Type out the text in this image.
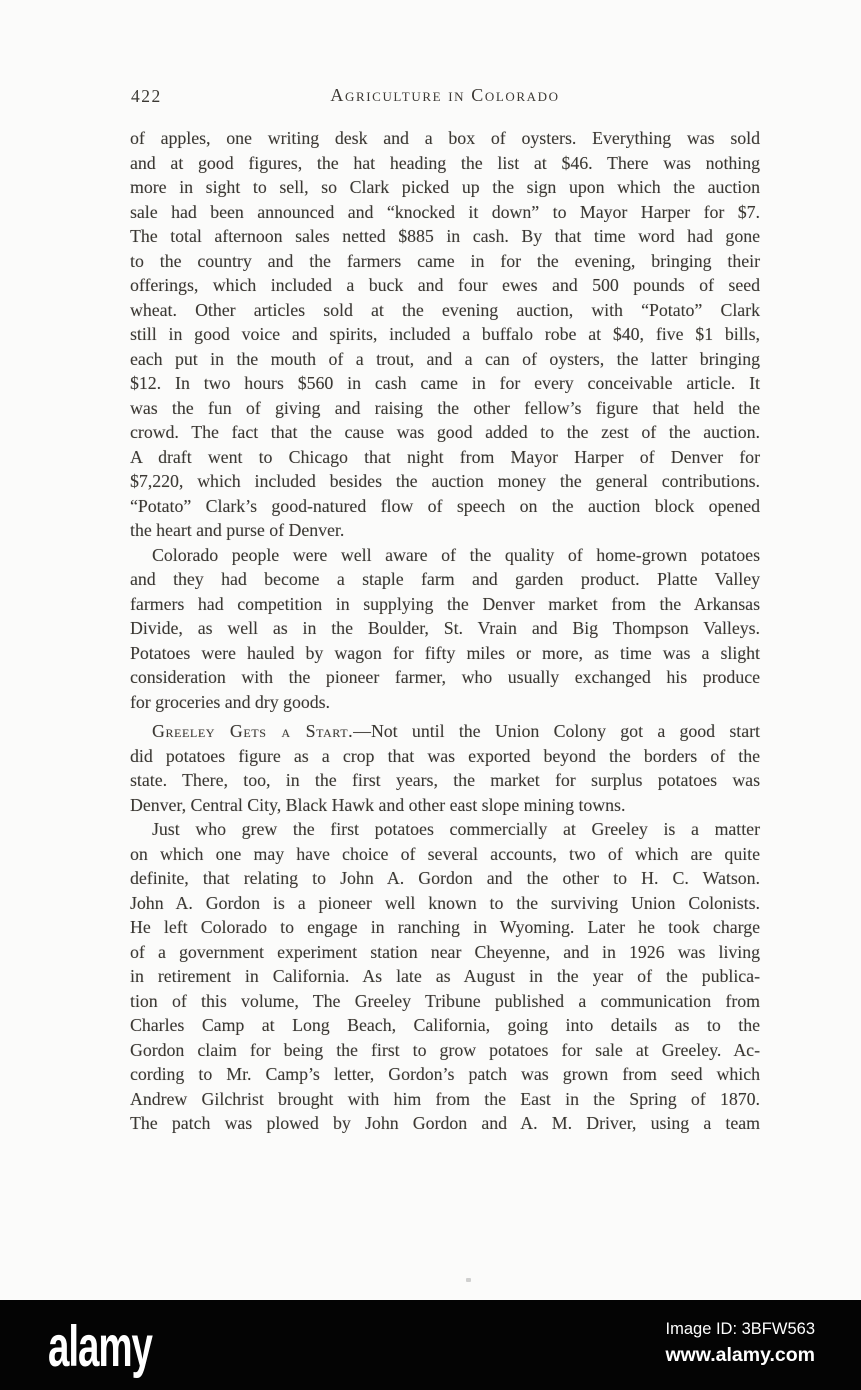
422	Agriculture in Colorado
of apples, one writing desk and a box of oysters. Everything was sold
and at good figures, the hat heading the list at $46. There was nothing
more in sight to sell, so Clark picked up the sign upon which the auction
sale had been announced and “knocked it down” to Mayor Harper for $7.
The total afternoon sales netted $885 in cash. By that time word had gone
to the country and the farmers came in for the evening, bringing their
offerings, which included a buck and four ewes and 500 pounds of seed
wheat. Other articles sold at the evening auction, with “Potato” Clark
still in good voice and spirits, included a buffalo robe at $40, five $1 bills,
each put in the mouth of a trout, and a can of oysters, the latter bringing
$12. In two hours $560 in cash came in for every conceivable article. It
was the fun of giving and raising the other fellow’s figure that held the
crowd. The fact that the cause was good added to the zest of the auction.
A draft went to Chicago that night from Mayor Harper of Denver for
$7,220, which included besides the auction money the general contributions.
“Potato” Clark’s good-natured flow of speech on the auction block opened
the heart and purse of Denver.
Colorado people were well aware of the quality of home-grown potatoes
and they had become a staple farm and garden product. Platte Valley
farmers had competition in supplying the Denver market from the Arkansas
Divide, as well as in the Boulder, St. Vrain and Big Thompson Valleys.
Potatoes were hauled by wagon for fifty miles or more, as time was a slight
consideration with the pioneer farmer, who usually exchanged his produce
for groceries and dry goods.
Greeley Gets a Start.—Not until the Union Colony got a good start
did potatoes figure as a crop that was exported beyond the borders of the
state. There, too, in the first years, the market for surplus potatoes was
Denver, Central City, Black Hawk and other east slope mining towns.
Just who grew the first potatoes commercially at Greeley is a matter
on which one may have choice of several accounts, two of which are quite
definite, that relating to John A. Gordon and the other to H. C. Watson.
John A. Gordon is a pioneer well known to the surviving Union Colonists.
He left Colorado to engage in ranching in Wyoming. Later he took charge
of a government experiment station near Cheyenne, and in 1926 was living
in retirement in California. As late as August in the year of the publica-
tion of this volume, The Greeley Tribune published a communication from
Charles Camp at Long Beach, California, going into details as to the
Gordon claim for being the first to grow potatoes for sale at Greeley. Ac-
cording to Mr. Camp’s letter, Gordon’s patch was grown from seed which
Andrew Gilchrist brought with him from the East in the Spring of 1870.
The patch was plowed by John Gordon and A. M. Driver, using a team
alamy	Image ID: 3BFW563
www.alamy.com
